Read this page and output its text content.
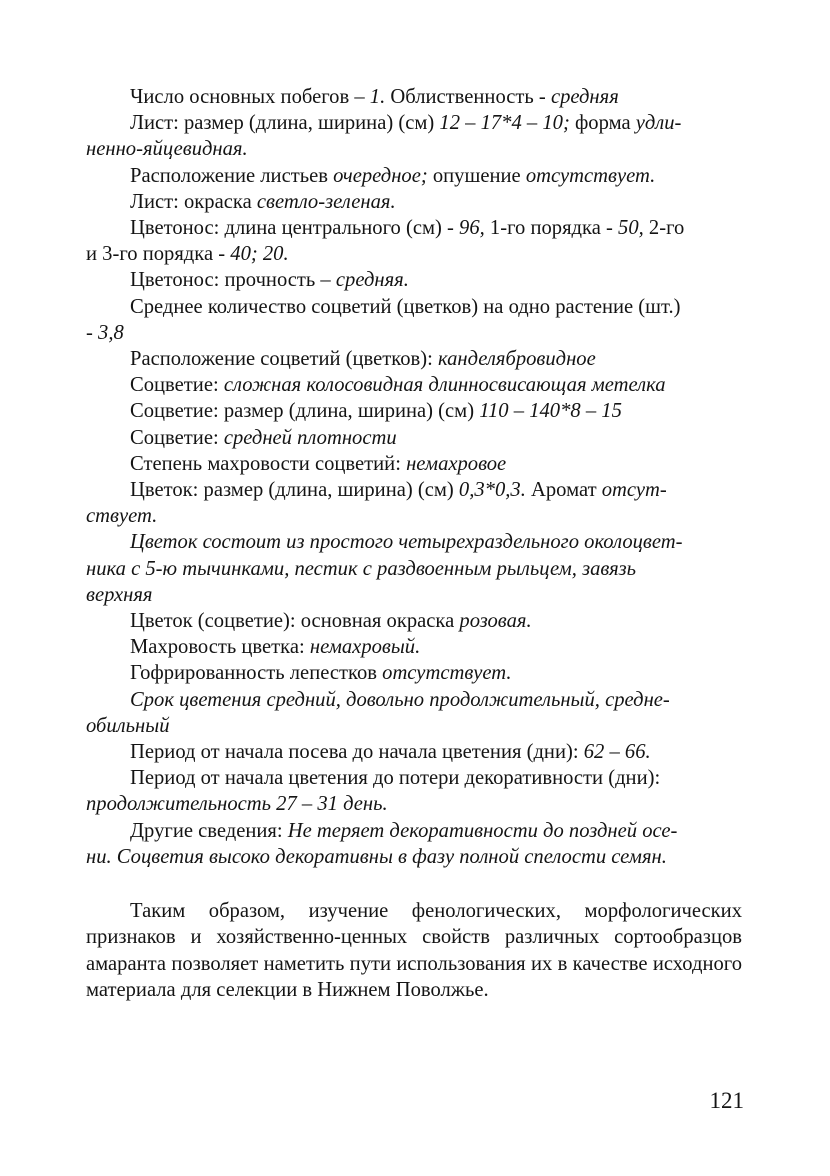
Число основных побегов – 1. Облиственность - средняя
Лист: размер (длина, ширина) (см) 12 – 17*4 – 10; форма удли-
ненно-яйцевидная.
Расположение листьев очередное; опушение отсутствует.
Лист: окраска светло-зеленая.
Цветонос: длина центрального (см) - 96, 1-го порядка - 50, 2-го
и 3-го порядка - 40; 20.
Цветонос: прочность – средняя.
Среднее количество соцветий (цветков) на одно растение (шт.)
- 3,8
Расположение соцветий (цветков): канделябровидное
Соцветие: сложная колосовидная длинносвисающая метелка
Соцветие: размер (длина, ширина) (см) 110 – 140*8 – 15
Соцветие: средней плотности
Степень махровости соцветий: немахровое
Цветок: размер (длина, ширина) (см) 0,3*0,3. Аромат отсут-
ствует.
Цветок состоит из простого четырехраздельного околоцвет-
ника с 5-ю тычинками, пестик с раздвоенным рыльцем, завязь
верхняя
Цветок (соцветие): основная окраска розовая.
Махровость цветка: немахровый.
Гофрированность лепестков отсутствует.
Срок цветения средний, довольно продолжительный, средне-
обильный
Период от начала посева до начала цветения (дни): 62 – 66.
Период от начала цветения до потери декоративности (дни):
продолжительность 27 – 31 день.
Другие сведения: Не теряет декоративности до поздней осе-
ни. Соцветия высоко декоративны в фазу полной спелости семян.

Таким образом, изучение фенологических, морфологических признаков и хозяйственно-ценных свойств различных сортообразцов амаранта позволяет наметить пути использования их в качестве исходного материала для селекции в Нижнем Поволжье.

121
